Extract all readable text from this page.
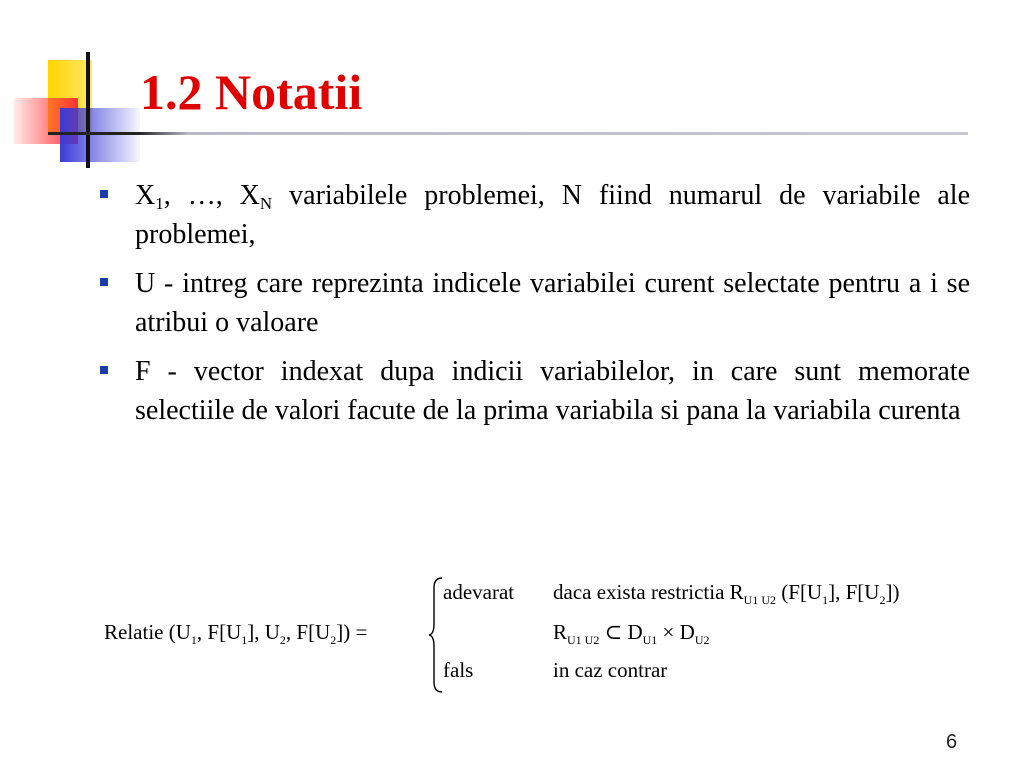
1.2 Notatii
$X_1$, …, $X_N$ variabilele problemei, N fiind numarul de variabile ale problemei,
U - intreg care reprezinta indicele variabilei curent selectate pentru a i se atribui o valoare
F - vector indexat dupa indicii variabilelor, in care sunt memorate selectiile de valori facute de la prima variabila si pana la variabila curenta
Relatie ($U_1$, $F[U_1]$, $U_2$, $F[U_2]$) =
adevarat daca exista restrictia $R_{U1 U2}$ ($F[U_1]$, $F[U_2]$)
$R_{U1 U2}$ ⊂ $D_{U1} \times D_{U2}$
fals	in caz contrar
6
